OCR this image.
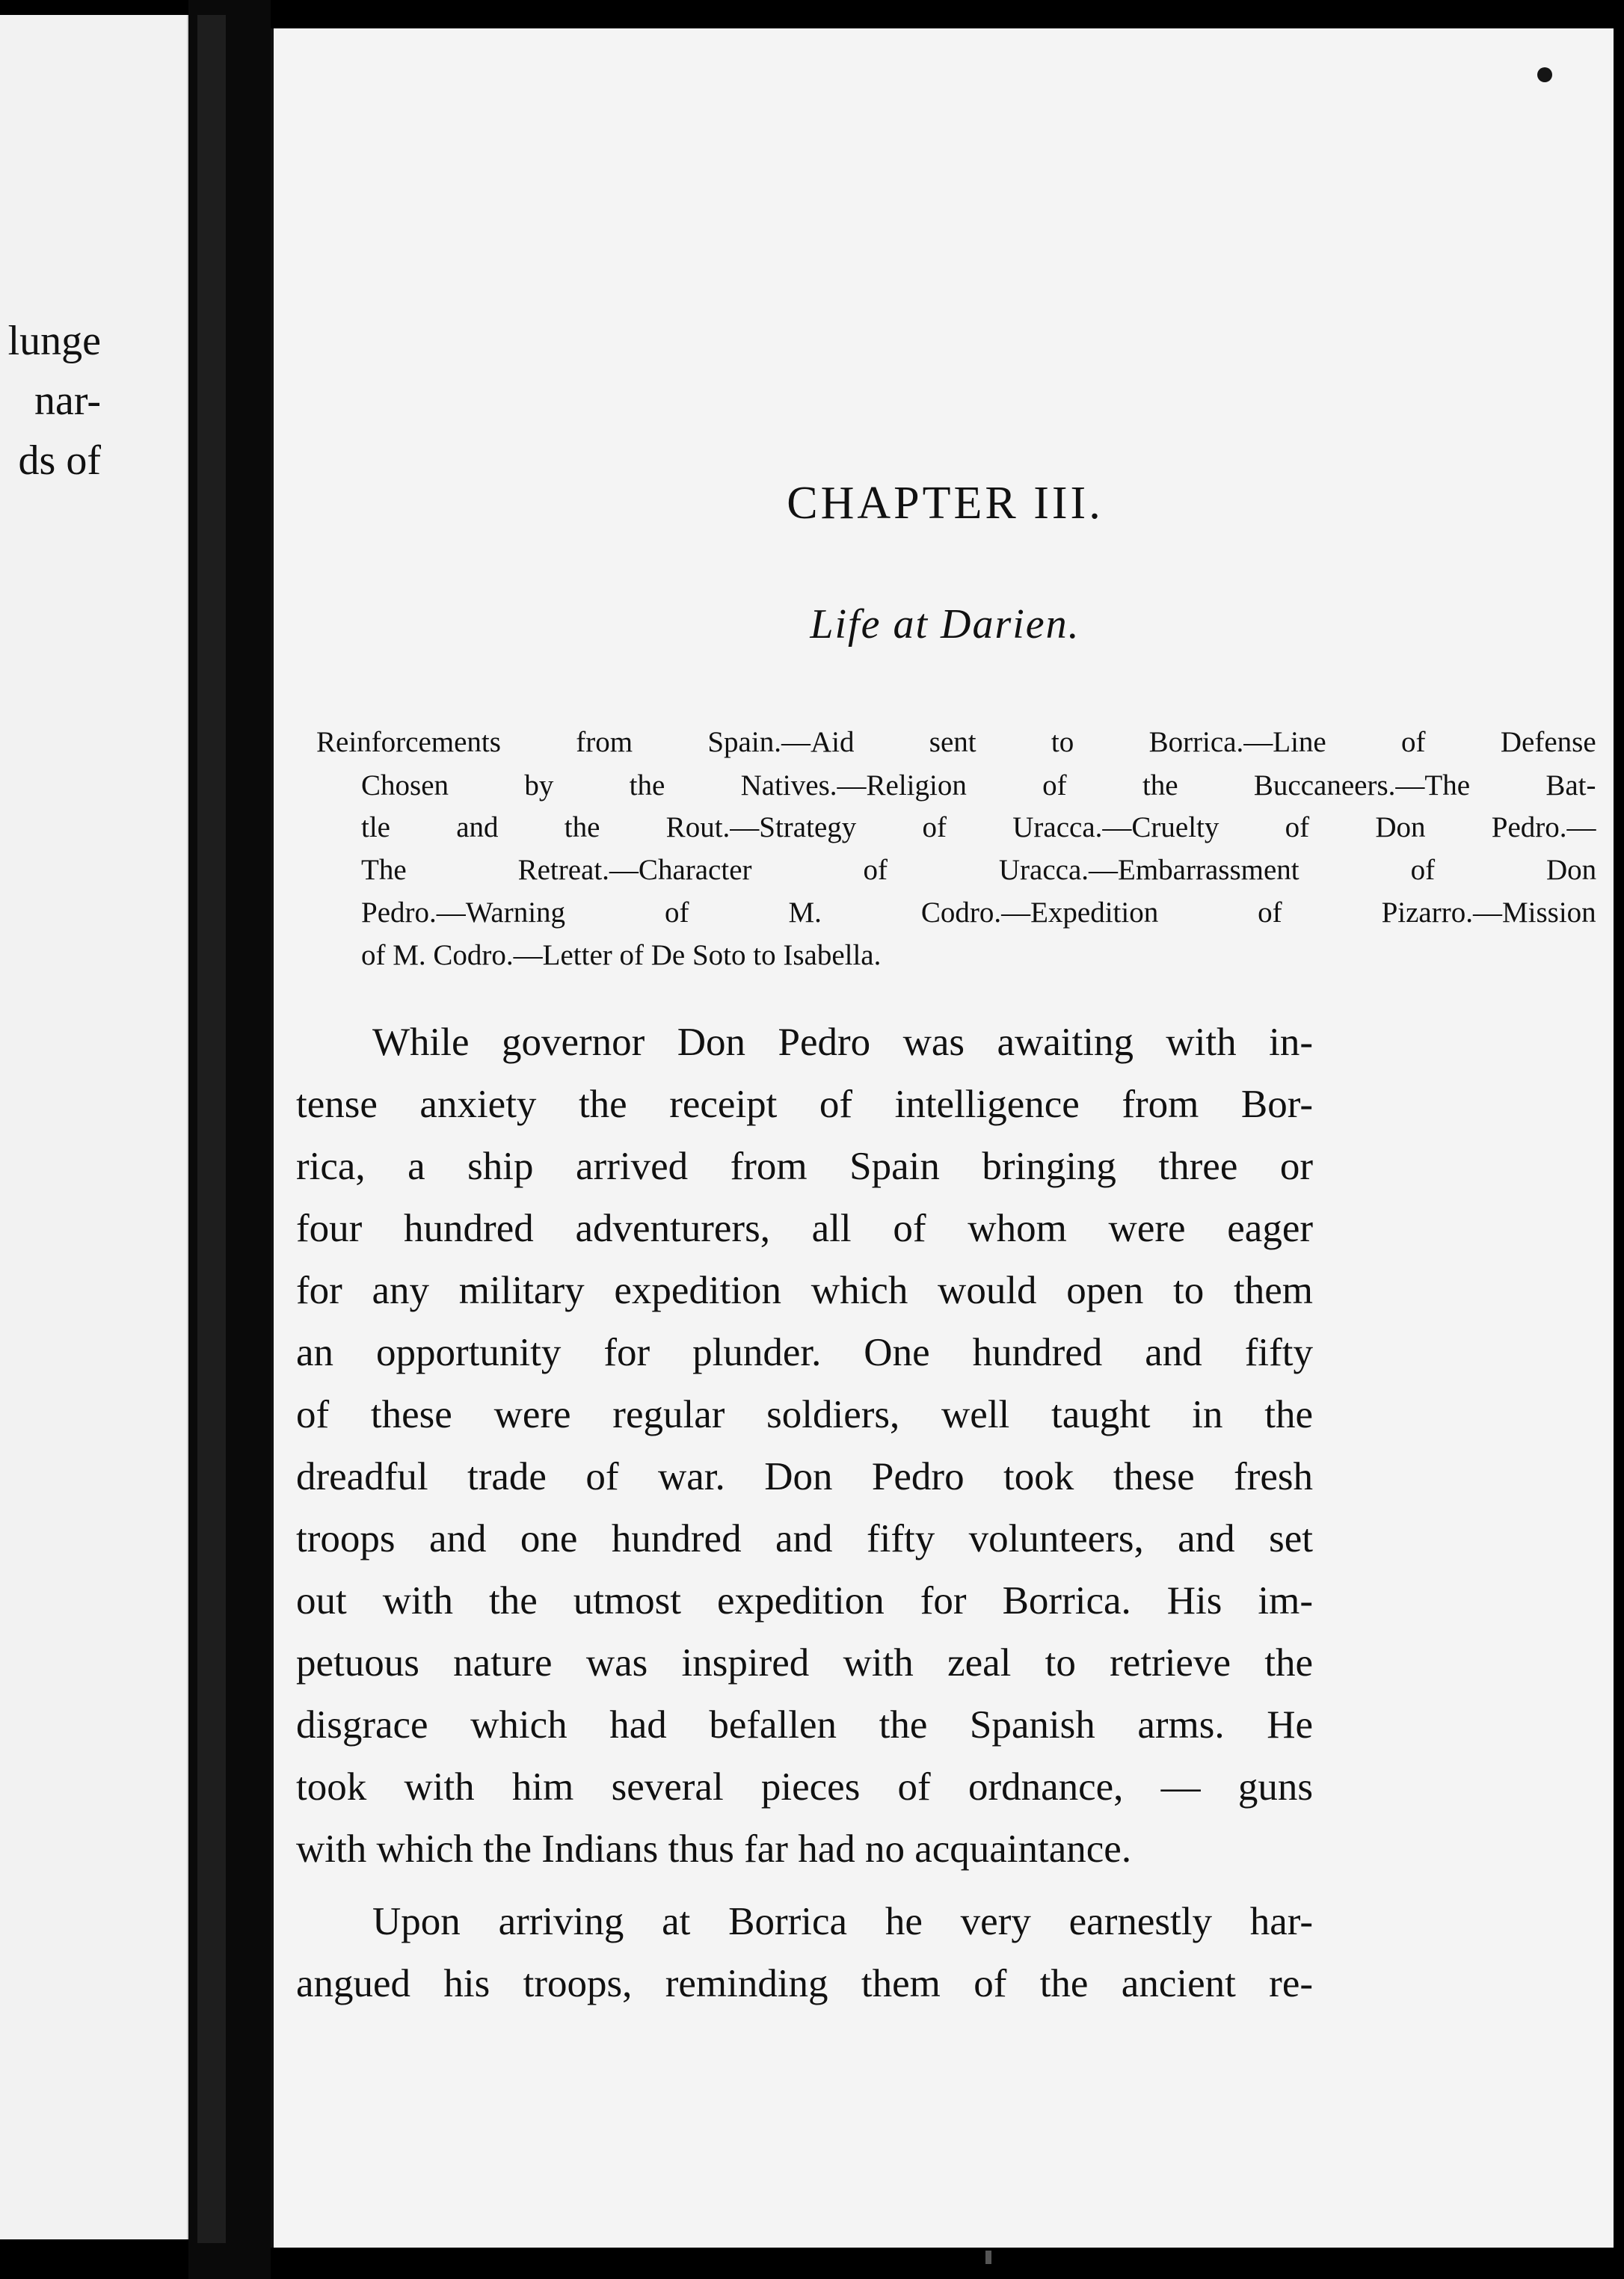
lunge
nar-
ds of
CHAPTER III.
Life at Darien.
Reinforcements from Spain.—Aid sent to Borrica.—Line of Defense
Chosen by the Natives.—Religion of the Buccaneers.—The Bat-
tle and the Rout.—Strategy of Uracca.—Cruelty of Don Pedro.—
The Retreat.—Character of Uracca.—Embarrassment of Don
Pedro.—Warning of M. Codro.—Expedition of Pizarro.—Mission
of M. Codro.—Letter of De Soto to Isabella.
While governor Don Pedro was awaiting with in-
tense anxiety the receipt of intelligence from Bor-
rica, a ship arrived from Spain bringing three or
four hundred adventurers, all of whom were eager
for any military expedition which would open to them
an opportunity for plunder. One hundred and fifty
of these were regular soldiers, well taught in the
dreadful trade of war. Don Pedro took these fresh
troops and one hundred and fifty volunteers, and set
out with the utmost expedition for Borrica. His im-
petuous nature was inspired with zeal to retrieve the
disgrace which had befallen the Spanish arms. He
took with him several pieces of ordnance, — guns
with which the Indians thus far had no acquaintance.
Upon arriving at Borrica he very earnestly har-
angued his troops, reminding them of the ancient re-
